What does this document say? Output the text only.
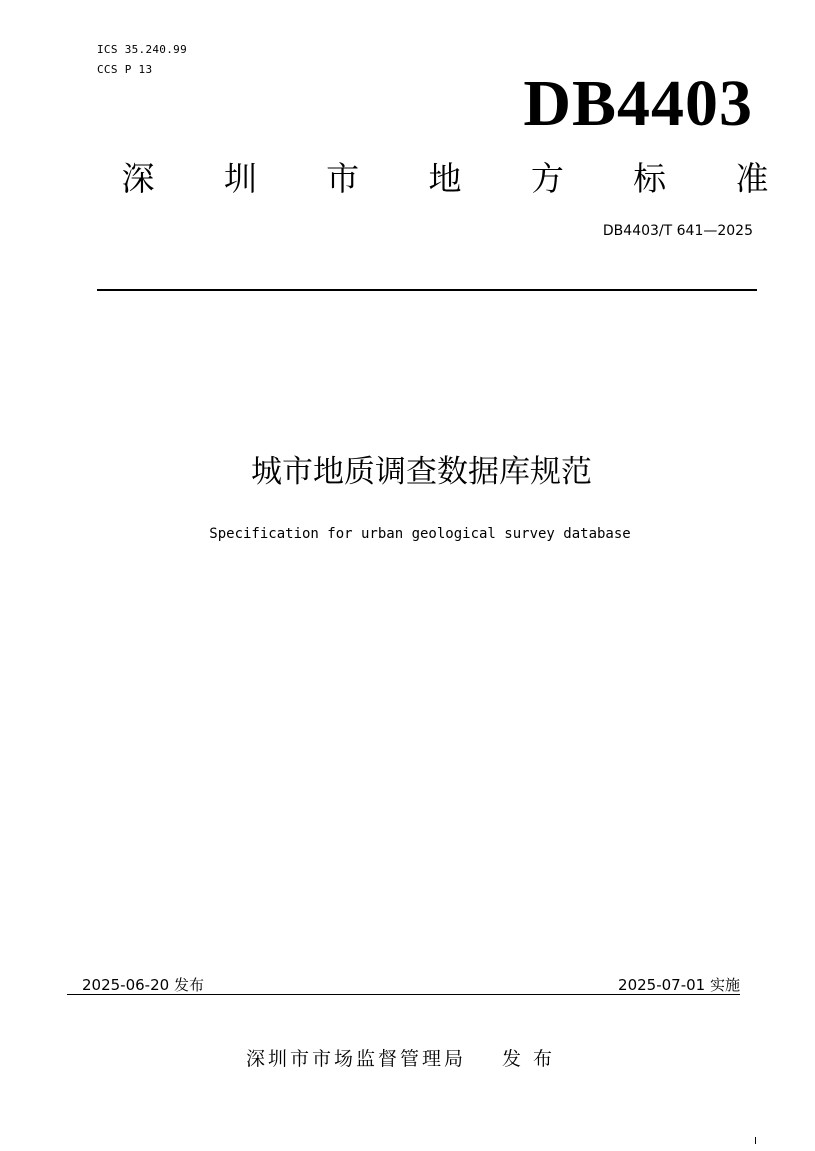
ICS 35.240.99
CCS P 13	DB4403
深 圳 市 地 方 标 准
DB4403/T 641—2025
城市地质调查数据库规范
Specification for urban geological survey database
2025-06-20 发布	2025-07-01 实施
深圳市市场监督管理局 发 布
I
